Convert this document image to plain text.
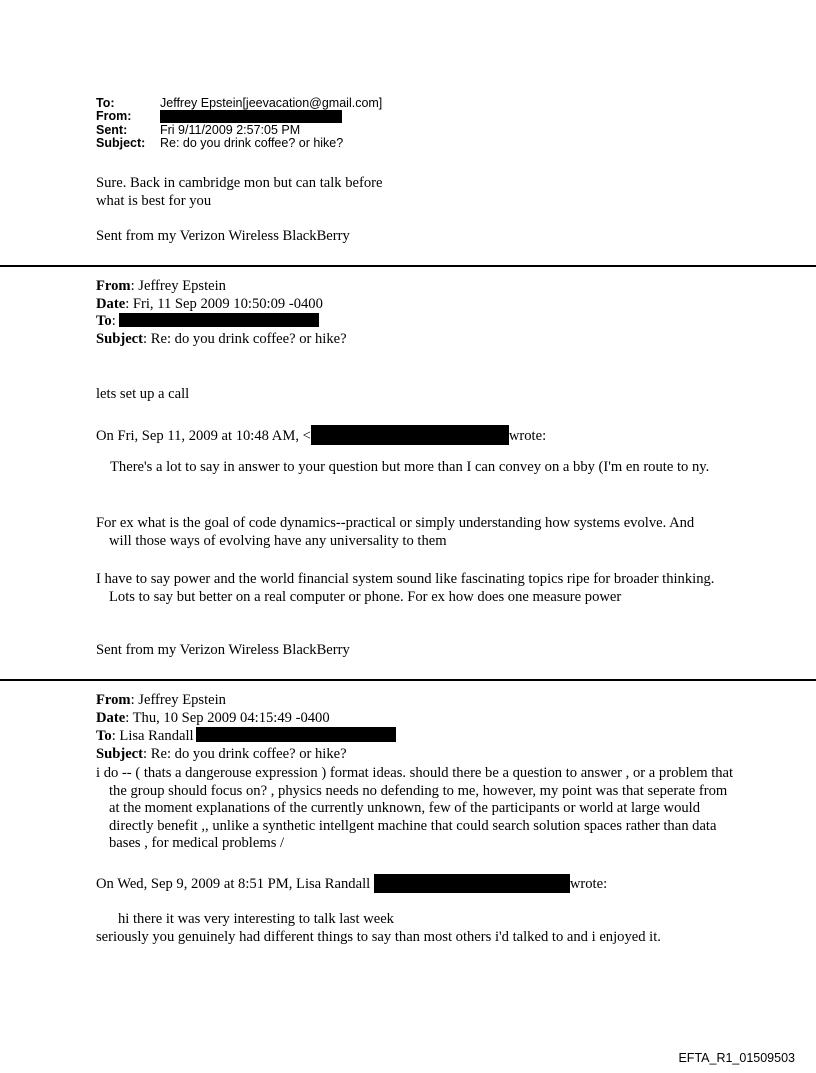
To:	Jeffrey Epstein[jeevacation@gmail.com]
From:
Sent:	Fri 9/11/2009 2:57:05 PM
Subject:	Re: do you drink coffee? or hike?
Sure. Back in cambridge mon but can talk before
what is best for you
Sent from my Verizon Wireless BlackBerry
From: Jeffrey Epstein
Date: Fri, 11 Sep 2009 10:50:09 -0400
To:
Subject: Re: do you drink coffee? or hike?
lets set up a call
On Fri, Sep 11, 2009 at 10:48 AM, <	wrote:
There's a lot to say in answer to your question but more than I can convey on a bby (I'm en route to ny.
For ex what is the goal of code dynamics--practical or simply understanding how systems evolve. And will those ways of evolving have any universality to them
I have to say power and the world financial system sound like fascinating topics ripe for broader thinking. Lots to say but better on a real computer or phone. For ex how does one measure power
Sent from my Verizon Wireless BlackBerry
From: Jeffrey Epstein
Date: Thu, 10 Sep 2009 04:15:49 -0400
To: Lisa Randall
Subject: Re: do you drink coffee? or hike?
i do -- ( thats a dangerouse expression ) format ideas. should there be a question to answer , or a problem that the group should focus on? , physics needs no defending to me, however, my point was that seperate from at the moment explanations of the currently unknown, few of the participants or world at large would directly benefit ,, unlike a synthetic intellgent machine that could search solution spaces rather than data bases , for medical problems /
On Wed, Sep 9, 2009 at 8:51 PM, Lisa Randall	wrote:
hi there it was very interesting to talk last week
seriously you genuinely had different things to say than most others i'd talked to and i enjoyed it.
EFTA_R1_01509503
